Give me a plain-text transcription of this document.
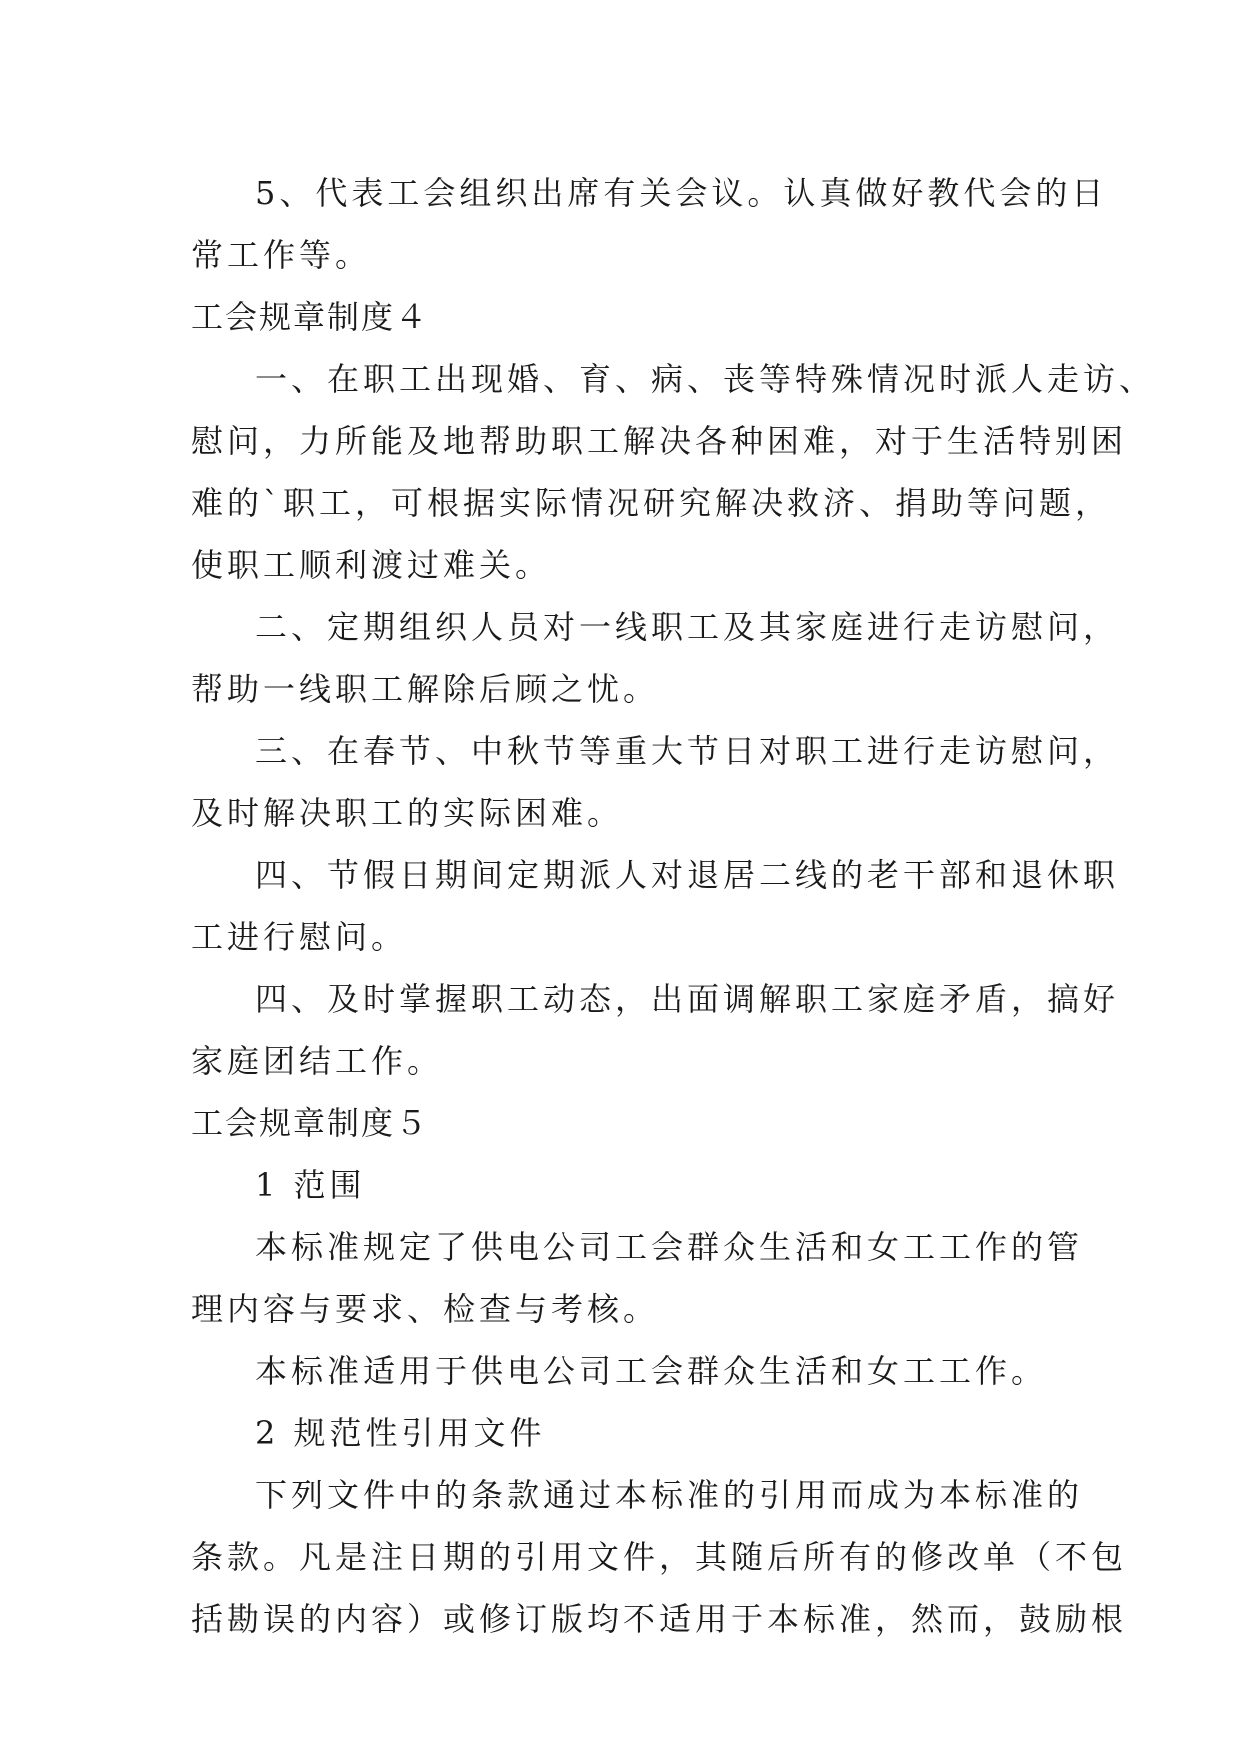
5、代表工会组织出席有关会议。认真做好教代会的日
常工作等。
工会规章制度４
一、在职工出现婚、育、病、丧等特殊情况时派人走访、
慰问，力所能及地帮助职工解决各种困难，对于生活特别困
难的`职工，可根据实际情况研究解决救济、捐助等问题，
使职工顺利渡过难关。
二、定期组织人员对一线职工及其家庭进行走访慰问，
帮助一线职工解除后顾之忧。
三、在春节、中秋节等重大节日对职工进行走访慰问，
及时解决职工的实际困难。
四、节假日期间定期派人对退居二线的老干部和退休职
工进行慰问。
四、及时掌握职工动态，出面调解职工家庭矛盾，搞好
家庭团结工作。
工会规章制度５
1 范围
本标准规定了供电公司工会群众生活和女工工作的管
理内容与要求、检查与考核。
本标准适用于供电公司工会群众生活和女工工作。
2 规范性引用文件
下列文件中的条款通过本标准的引用而成为本标准的
条款。凡是注日期的引用文件，其随后所有的修改单（不包
括勘误的内容）或修订版均不适用于本标准，然而，鼓励根
